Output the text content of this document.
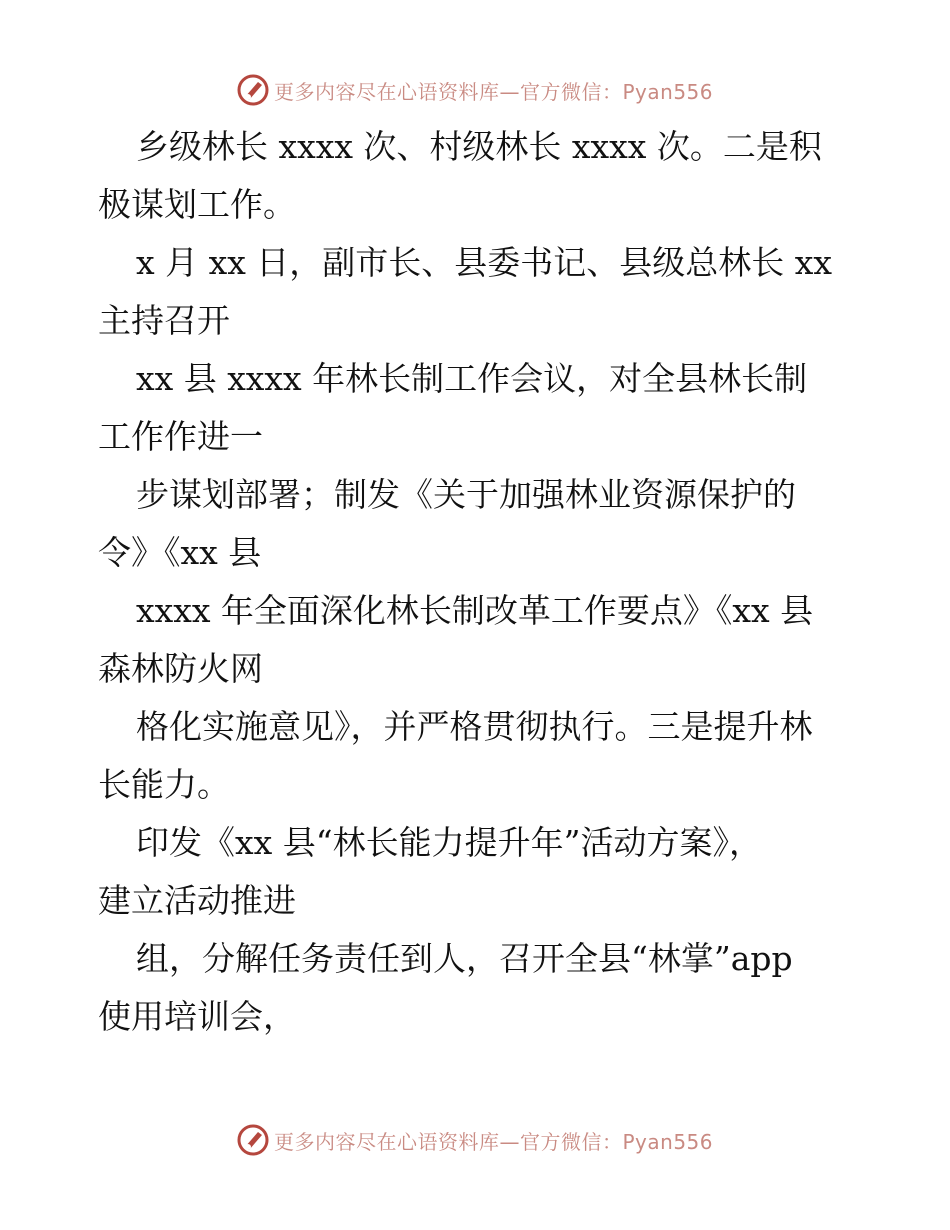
更多内容尽在心语资料库—官方微信：Pyan556

乡级林长 xxxx 次、村级林长 xxxx 次。二是积
极谋划工作。

x 月 xx 日，副市长、县委书记、县级总林长 xx
主持召开

xx 县 xxxx 年林长制工作会议，对全县林长制
工作作进一

步谋划部署；制发《关于加强林业资源保护的
令》《xx 县

xxxx 年全面深化林长制改革工作要点》《xx 县
森林防火网

格化实施意见》，并严格贯彻执行。三是提升林
长能力。

印发《xx 县“林长能力提升年”活动方案》，
建立活动推进

组，分解任务责任到人，召开全县“林掌”app
使用培训会，

更多内容尽在心语资料库—官方微信：Pyan556
